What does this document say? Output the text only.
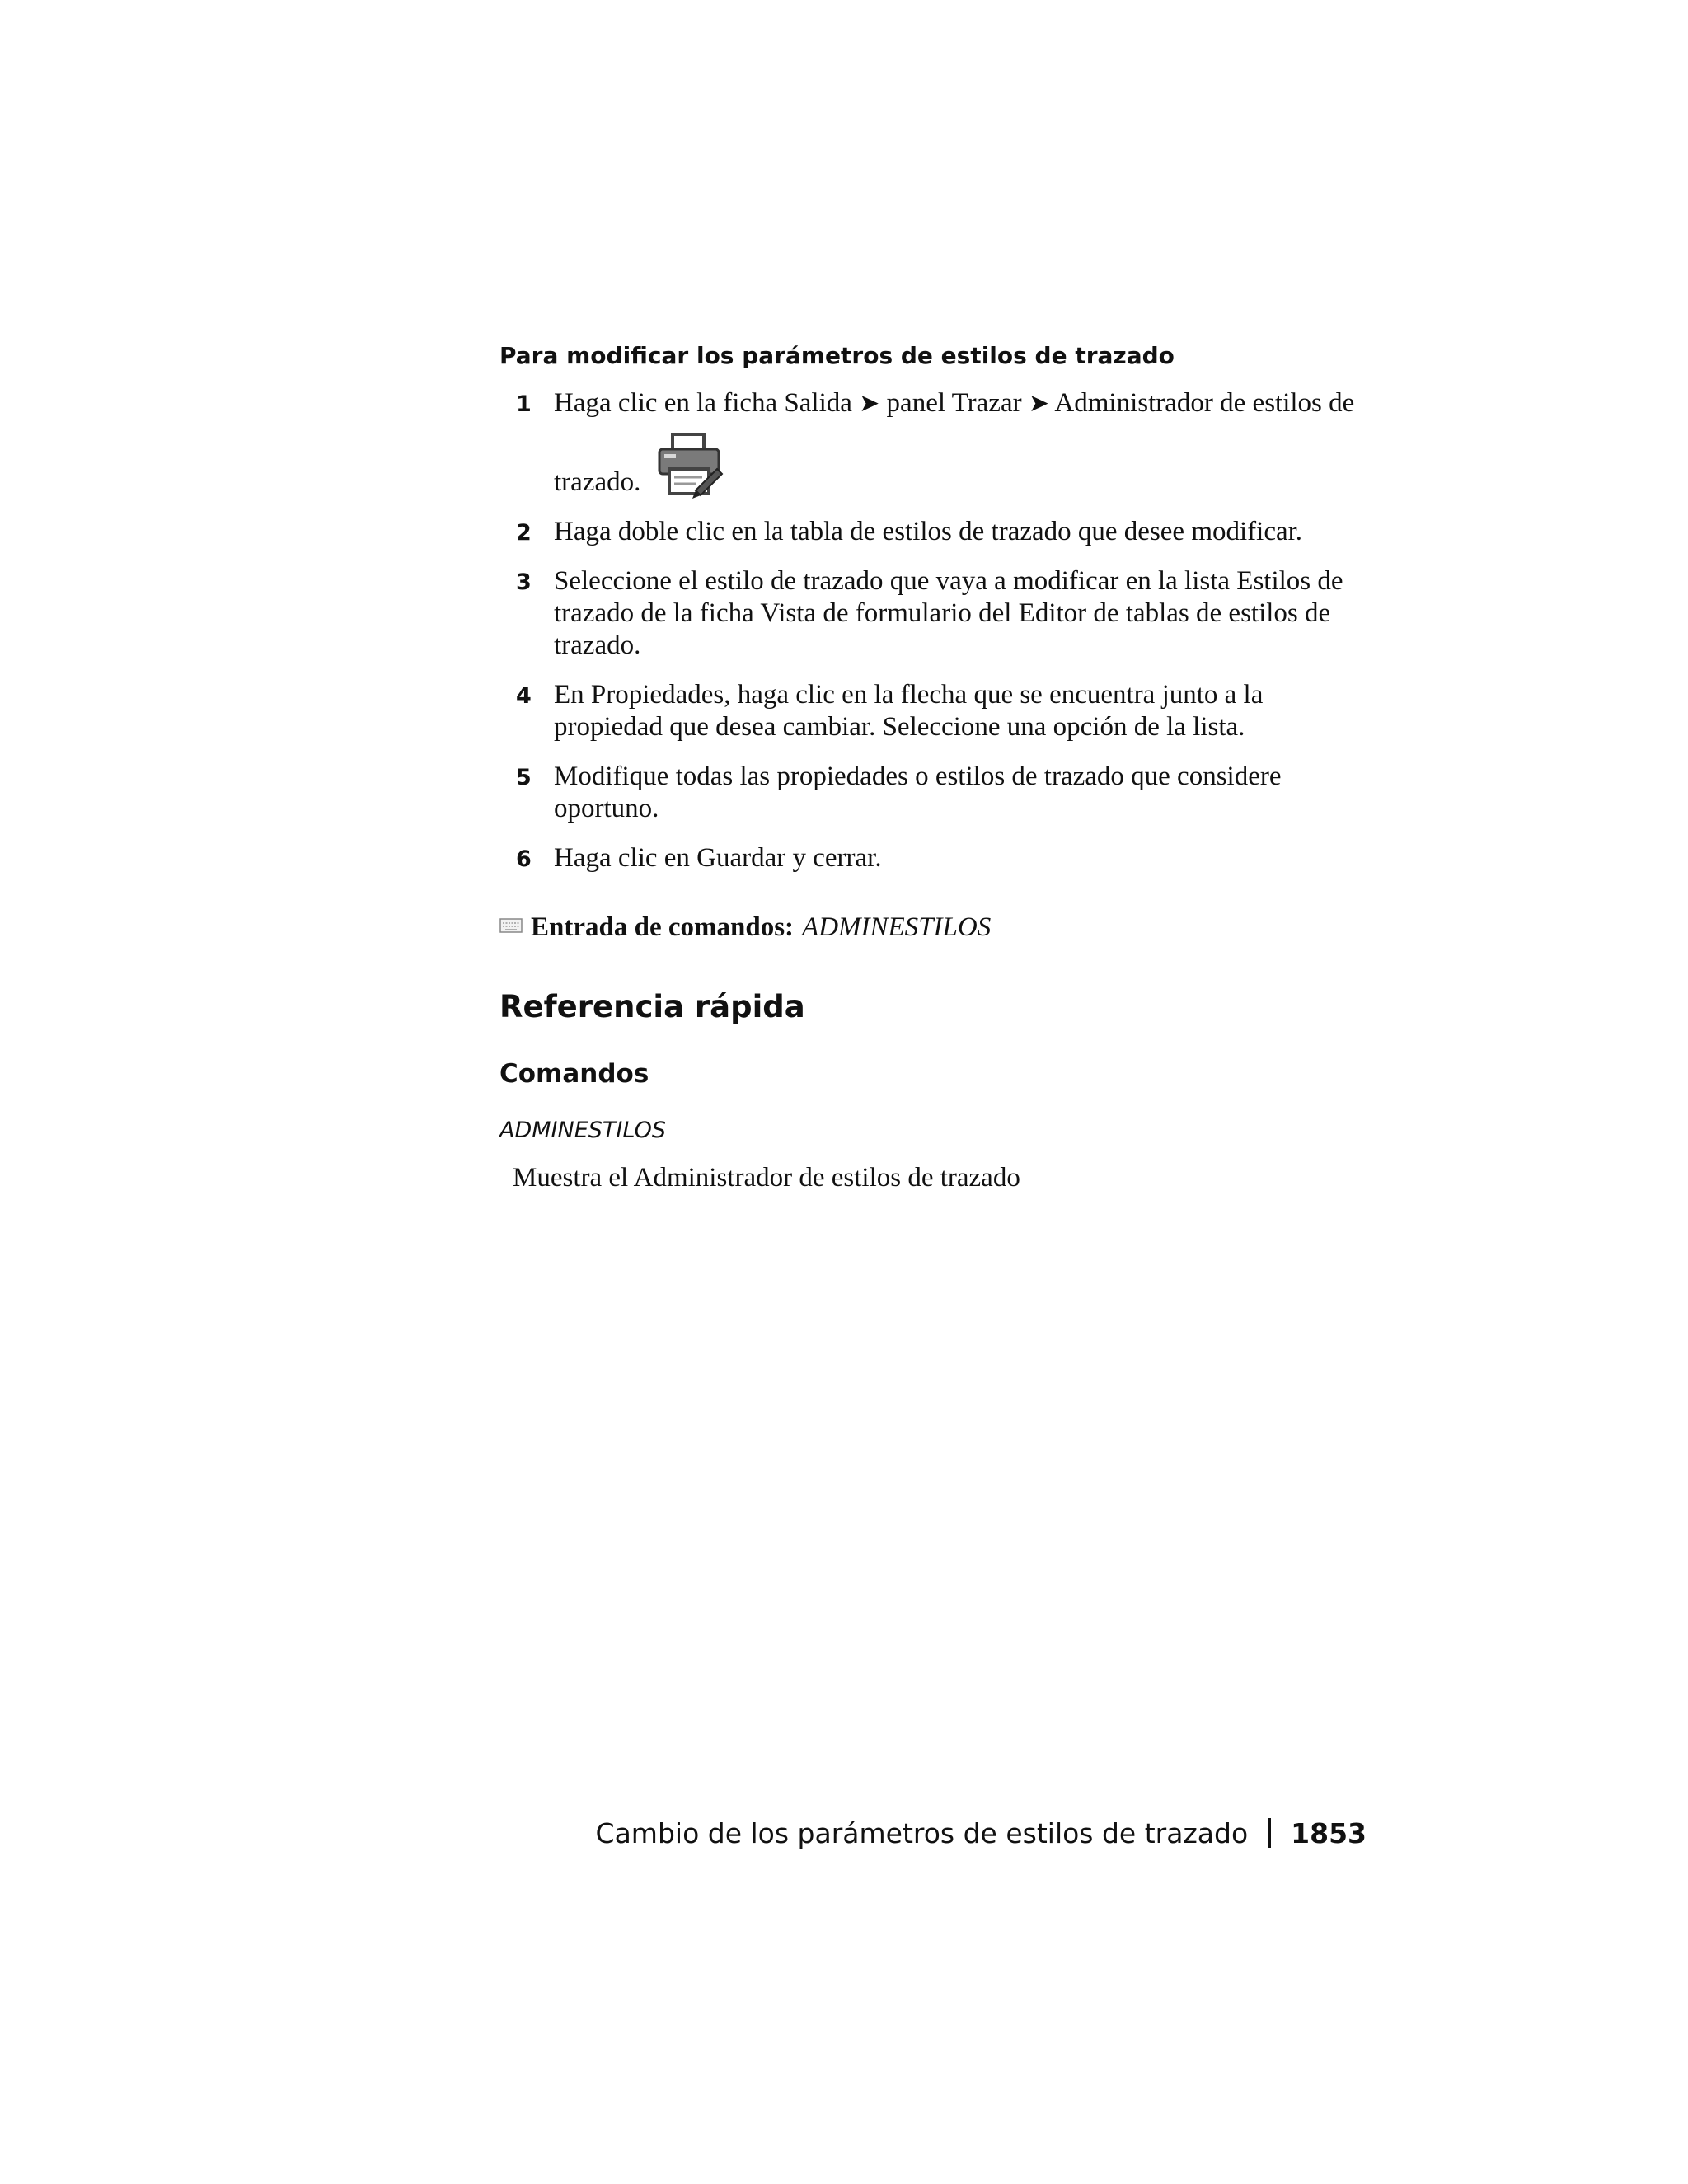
Para modificar los parámetros de estilos de trazado
1 Haga clic en la ficha Salida ➤ panel Trazar ➤ Administrador de estilos de
trazado.
2 Haga doble clic en la tabla de estilos de trazado que desee modificar.
3 Seleccione el estilo de trazado que vaya a modificar en la lista Estilos de trazado de la ficha Vista de formulario del Editor de tablas de estilos de trazado.
4 En Propiedades, haga clic en la flecha que se encuentra junto a la propiedad que desea cambiar. Seleccione una opción de la lista.
5 Modifique todas las propiedades o estilos de trazado que considere oportuno.
6 Haga clic en Guardar y cerrar.
Entrada de comandos: ADMINESTILOS
Referencia rápida
Comandos
ADMINESTILOS
Muestra el Administrador de estilos de trazado
Cambio de los parámetros de estilos de trazado 1853
